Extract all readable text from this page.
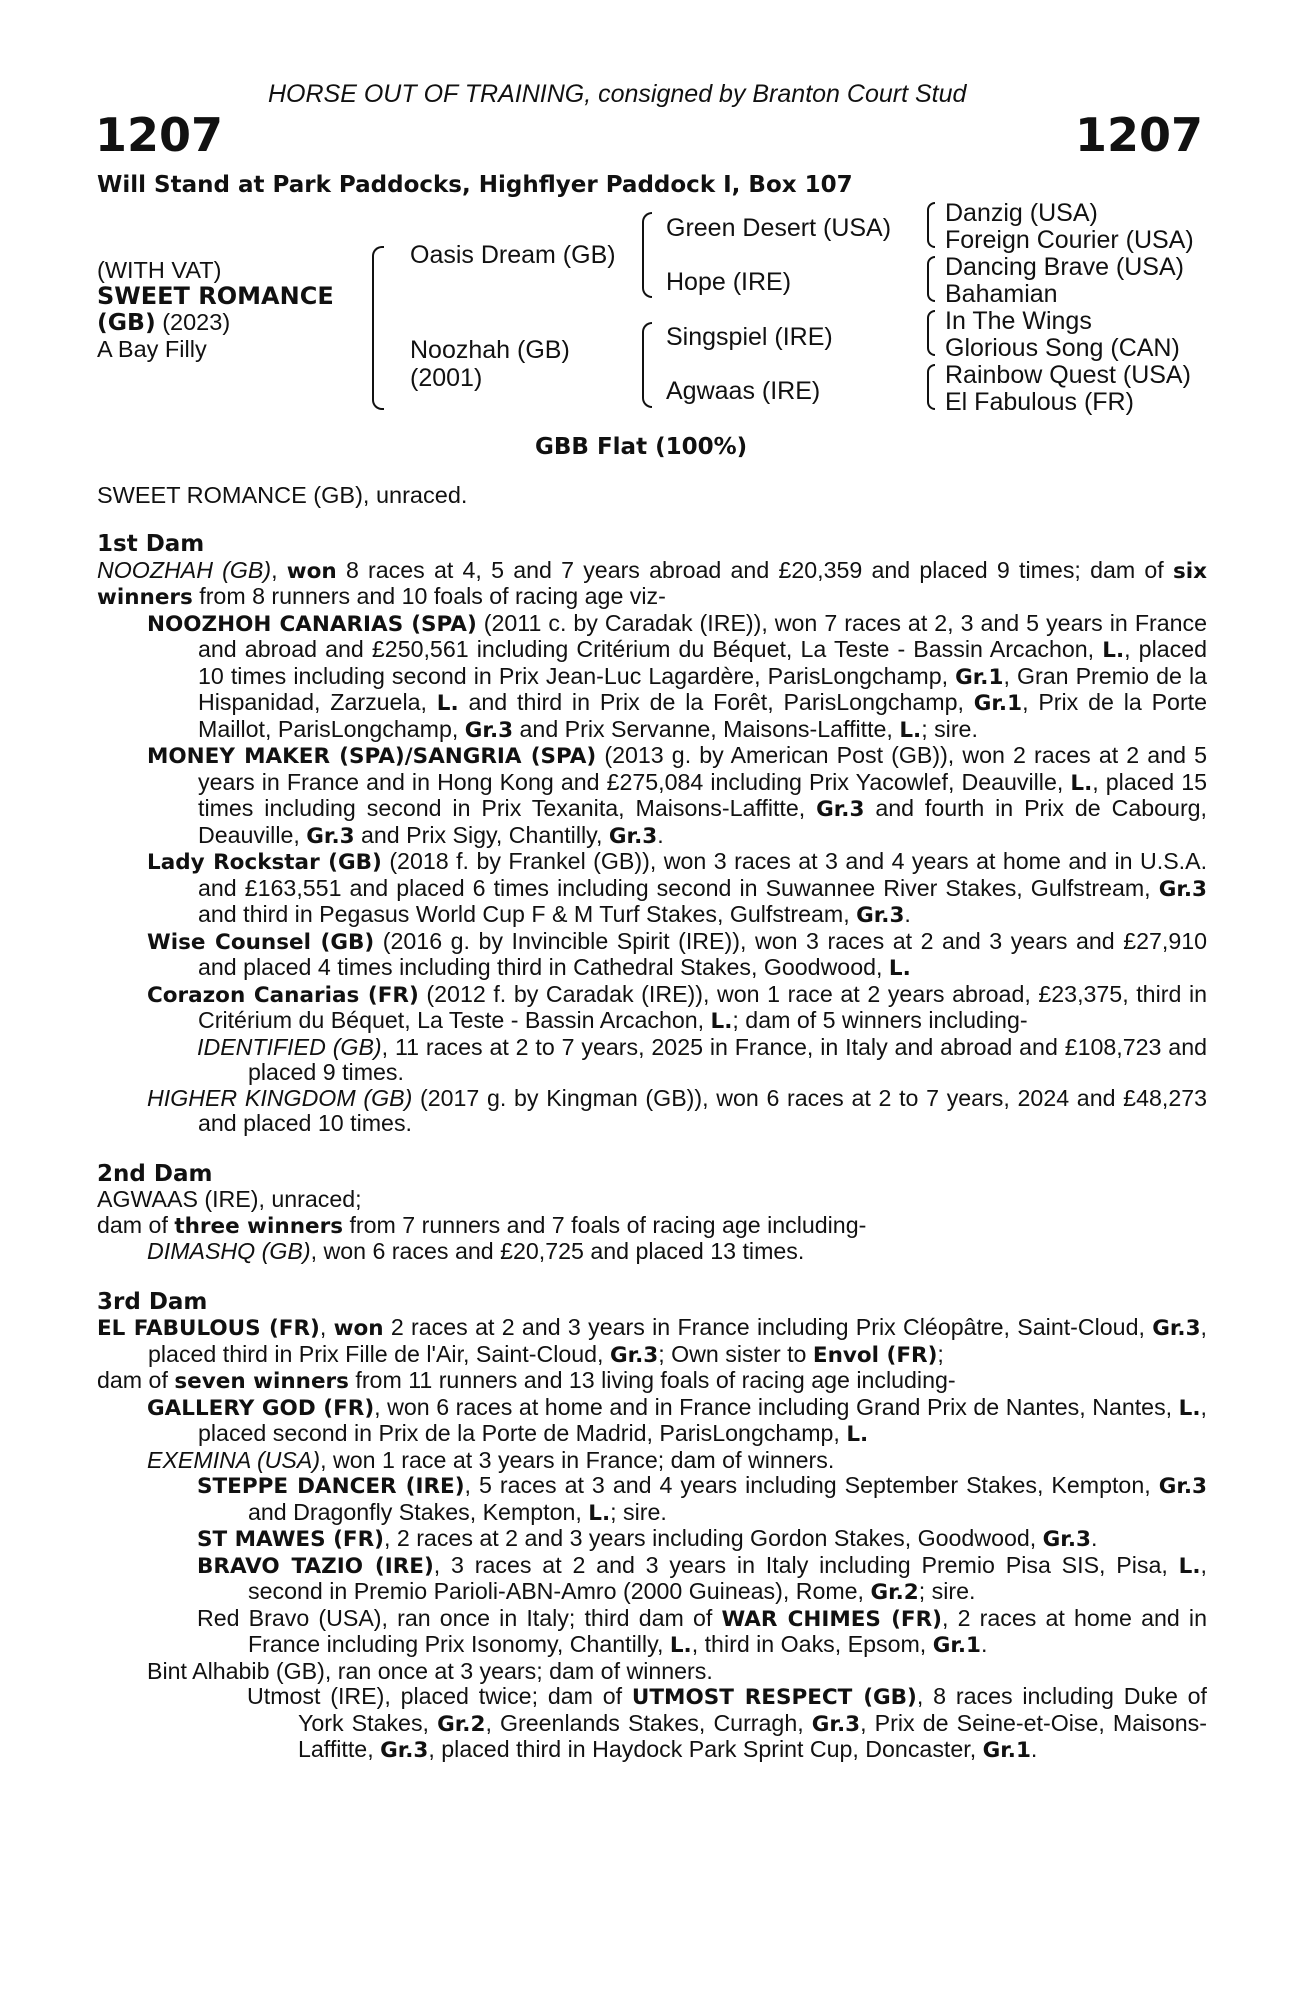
HORSE OUT OF TRAINING, consigned by Branton Court Stud
1207	1207
Will Stand at Park Paddocks, Highflyer Paddock I, Box 107
(WITH VAT)
SWEET ROMANCE
(GB) (2023)
A Bay Filly
Oasis Dream (GB)
Noozhah (GB)
(2001)
Green Desert (USA)
Hope (IRE)
Singspiel (IRE)
Agwaas (IRE)
Danzig (USA)
Foreign Courier (USA)
Dancing Brave (USA)
Bahamian
In The Wings
Glorious Song (CAN)
Rainbow Quest (USA)
El Fabulous (FR)
GBB Flat (100%)
SWEET ROMANCE (GB), unraced.

1st Dam

NOOZHAH (GB), won 8 races at 4, 5 and 7 years abroad and £20,359 and placed 9 times; dam of six winners from 8 runners and 10 foals of racing age viz-

NOOZHOH CANARIAS (SPA) (2011 c. by Caradak (IRE)), won 7 races at 2, 3 and 5 years in France and abroad and £250,561 including Critérium du Béquet, La Teste - Bassin Arcachon, L., placed 10 times including second in Prix Jean-Luc Lagardère, ParisLongchamp, Gr.1, Gran Premio de la Hispanidad, Zarzuela, L. and third in Prix de la Forêt, ParisLongchamp, Gr.1, Prix de la Porte Maillot, ParisLongchamp, Gr.3 and Prix Servanne, Maisons-Laffitte, L.; sire.

MONEY MAKER (SPA)/SANGRIA (SPA) (2013 g. by American Post (GB)), won 2 races at 2 and 5 years in France and in Hong Kong and £275,084 including Prix Yacowlef, Deauville, L., placed 15 times including second in Prix Texanita, Maisons-Laffitte, Gr.3 and fourth in Prix de Cabourg, Deauville, Gr.3 and Prix Sigy, Chantilly, Gr.3.

Lady Rockstar (GB) (2018 f. by Frankel (GB)), won 3 races at 3 and 4 years at home and in U.S.A. and £163,551 and placed 6 times including second in Suwannee River Stakes, Gulfstream, Gr.3 and third in Pegasus World Cup F & M Turf Stakes, Gulfstream, Gr.3.

Wise Counsel (GB) (2016 g. by Invincible Spirit (IRE)), won 3 races at 2 and 3 years and £27,910 and placed 4 times including third in Cathedral Stakes, Goodwood, L.

Corazon Canarias (FR) (2012 f. by Caradak (IRE)), won 1 race at 2 years abroad, £23,375, third in Critérium du Béquet, La Teste - Bassin Arcachon, L.; dam of 5 winners including-

IDENTIFIED (GB), 11 races at 2 to 7 years, 2025 in France, in Italy and abroad and £108,723 and placed 9 times.

HIGHER KINGDOM (GB) (2017 g. by Kingman (GB)), won 6 races at 2 to 7 years, 2024 and £48,273 and placed 10 times.

2nd Dam

AGWAAS (IRE), unraced;
dam of three winners from 7 runners and 7 foals of racing age including-

DIMASHQ (GB), won 6 races and £20,725 and placed 13 times.

3rd Dam

EL FABULOUS (FR), won 2 races at 2 and 3 years in France including Prix Cléopâtre, Saint-Cloud, Gr.3, placed third in Prix Fille de l'Air, Saint-Cloud, Gr.3; Own sister to Envol (FR);

dam of seven winners from 11 runners and 13 living foals of racing age including-

GALLERY GOD (FR), won 6 races at home and in France including Grand Prix de Nantes, Nantes, L., placed second in Prix de la Porte de Madrid, ParisLongchamp, L.

EXEMINA (USA), won 1 race at 3 years in France; dam of winners.

STEPPE DANCER (IRE), 5 races at 3 and 4 years including September Stakes, Kempton, Gr.3 and Dragonfly Stakes, Kempton, L.; sire.

ST MAWES (FR), 2 races at 2 and 3 years including Gordon Stakes, Goodwood, Gr.3.

BRAVO TAZIO (IRE), 3 races at 2 and 3 years in Italy including Premio Pisa SIS, Pisa, L., second in Premio Parioli-ABN-Amro (2000 Guineas), Rome, Gr.2; sire.

Red Bravo (USA), ran once in Italy; third dam of WAR CHIMES (FR), 2 races at home and in France including Prix Isonomy, Chantilly, L., third in Oaks, Epsom, Gr.1.

Bint Alhabib (GB), ran once at 3 years; dam of winners.

Utmost (IRE), placed twice; dam of UTMOST RESPECT (GB), 8 races including Duke of York Stakes, Gr.2, Greenlands Stakes, Curragh, Gr.3, Prix de Seine-et-Oise, Maisons-Laffitte, Gr.3, placed third in Haydock Park Sprint Cup, Doncaster, Gr.1.
